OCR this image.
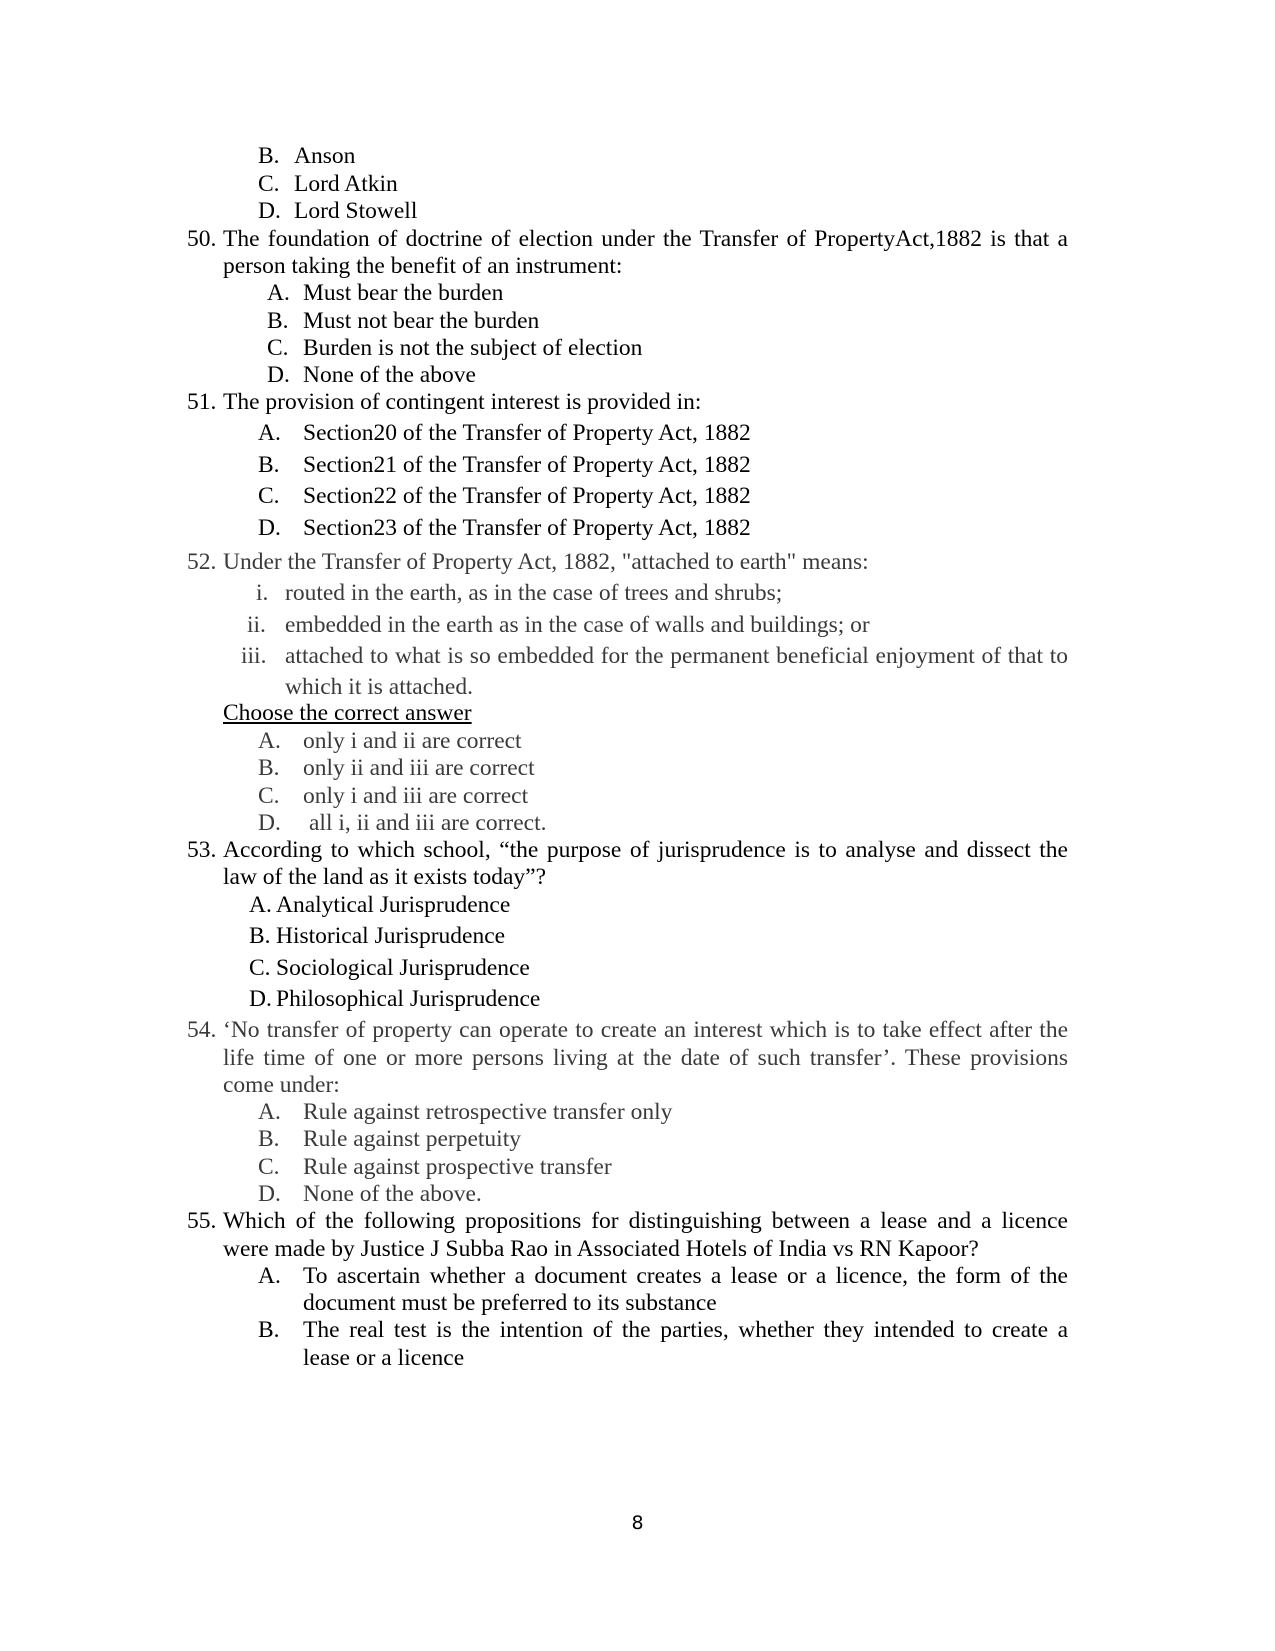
B. Anson
C. Lord Atkin
D. Lord Stowell
50. The foundation of doctrine of election under the Transfer of PropertyAct,1882 is that a
person taking the benefit of an instrument:
A. Must bear the burden
B. Must not bear the burden
C. Burden is not the subject of election
D. None of the above
51. The provision of contingent interest is provided in:
A. Section20 of the Transfer of Property Act, 1882
B. Section21 of the Transfer of Property Act, 1882
C. Section22 of the Transfer of Property Act, 1882
D. Section23 of the Transfer of Property Act, 1882
52. Under the Transfer of Property Act, 1882, "attached to earth" means:
i. routed in the earth, as in the case of trees and shrubs;
ii. embedded in the earth as in the case of walls and buildings; or
iii. attached to what is so embedded for the permanent beneficial enjoyment of that to
which it is attached.
Choose the correct answer
A. only i and ii are correct
B. only ii and iii are correct
C. only i and iii are correct
D. all i, ii and iii are correct.
53. According to which school, “the purpose of jurisprudence is to analyse and dissect the
law of the land as it exists today”?
A. Analytical Jurisprudence
B. Historical Jurisprudence
C. Sociological Jurisprudence
D. Philosophical Jurisprudence
54. ‘No transfer of property can operate to create an interest which is to take effect after the
life time of one or more persons living at the date of such transfer’. These provisions
come under:
A. Rule against retrospective transfer only
B. Rule against perpetuity
C. Rule against prospective transfer
D. None of the above.
55. Which of the following propositions for distinguishing between a lease and a licence
were made by Justice J Subba Rao in Associated Hotels of India vs RN Kapoor?
A. To ascertain whether a document creates a lease or a licence, the form of the
document must be preferred to its substance
B. The real test is the intention of the parties, whether they intended to create a
lease or a licence
8
